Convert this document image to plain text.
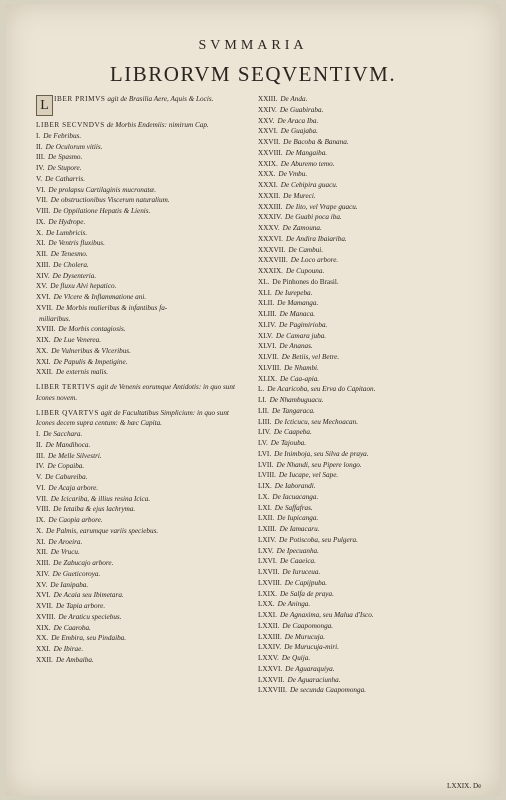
SVMMARIA
LIBRORVM SEQVENTIVM.
L IBER PRIMVS agit de Brasilia Aere, Aquis & Locis.
LIBER SECVNDVS de Morbis Endemiis: nimirum Cap.
I. De Febribus.
II. De Oculorum vitiis.
III. De Spasmo.
IV. De Stupore.
V. De Catharris.
VI. De prolapsu Cartilaginis mucronatæ.
VII. De obstructionibus Viscerum naturalium.
VIII. De Oppilatione Hepatis & Lienis.
IX. De Hydrope.
X. De Lumbricis.
XI. De Ventris fluxibus.
XII. De Tenesmo.
XIII. De Cholera.
XIV. De Dysenteria.
XV. De fluxu Alvi hepatico.
XVI. De Vlcere & Inflammatione ani.
XVII. De Morbis mulieribus & infantibus fa-
miliaribus.
XVIII. De Morbis contagiosis.
XIX. De Lue Venerea.
XX. De Vulneribus & Vlceribus.
XXI. De Papulis & Impetigine.
XXII. De externis malis.
LIBER TERTIVS agit de Venenis eorumque Antidotis: in quo sunt Icones novem.
LIBER QVARTVS agit de Facultatibus Simplicium: in quo sunt Icones decem supra centum: & hæc Capita.
I. De Sacchara.
II. De Mandihoca.
III. De Melle Silvestri.
IV. De Copaiba.
V. De Cabureiba.
VI. De Acaja arbore.
VII. De Icicariba, & illius resina Icica.
VIII. De Ietaiba & ejus lachryma.
IX. De Caopia arbore.
X. De Palmis, earumque variis speciebus.
XI. De Aroeira.
XII. De Vrucu.
XIII. De Zabucajo arbore.
XIV. De Gueticoroya.
XV. De Ianipaba.
XVI. De Acaia seu Ibimetara.
XVII. De Tapia arbore.
XVIII. De Araticu speciebus.
XIX. De Caaroba.
XX. De Embira, seu Pindaiba.
XXI. De Ibirae.
XXII. De Ambaiba.
XXIII. De Anda.
XXIV. De Guabiraba.
XXV. De Araca Iba.
XXVI. De Guajaba.
XXVII. De Bacoba & Banana.
XXVIII. De Mangaiba.
XXIX. De Aburemo temo.
XXX. De Vmbu.
XXXI. De Cebipira guacu.
XXXII. De Mureci.
XXXIII. De Iito, vel Vrape guacu.
XXXIV. De Guabi poca iba.
XXXV. De Zamouna.
XXXVI. De Andira Ibaiariba.
XXXVII. De Cambui.
XXXVIII. De Loco arbore.
XXXIX. De Cupouna.
XL. De Pinhones do Brasil.
XLI. De Iurepeba.
XLII. De Mamanga.
XLIII. De Manaca.
XLIV. De Pagimirioba.
XLV. De Camara juba.
XLVI. De Ananas.
XLVII. De Betiis, vel Betre.
XLVIII. De Nhambi.
XLIX. De Caa-apia.
L. De Acaricoba, seu Erva do Capitaon.
LI. De Nhambuguacu.
LII. De Tangaraca.
LIII. De Icticucu, seu Mechoacan.
LIV. De Caapeba.
LV. De Tajouba.
LVI. De Inimboja, seu Silva de praya.
LVII. De Nhandi, seu Pipere longo.
LVIII. De Iucape, vel Sape.
LIX. De Iaborandi.
LX. De Iacuacanga.
LXI. De Saffafras.
LXII. De Iupicanga.
LXIII. De Iamacaru.
LXIV. De Potiscoba, seu Pulgera.
LXV. De Ipecuanha.
LXVI. De Caaeica.
LXVII. De Iuruceua.
LXVIII. De Capijpuba.
LXIX. De Salfa de praya.
LXX. De Aninga.
LXXI. De Agnaxima, seu Malua d'Isco.
LXXII. De Caapomonga.
LXXIII. De Murucuja.
LXXIV. De Murucuja-miri.
LXXV. De Quija.
LXXVI. De Aguaraquiya.
LXXVII. De Aguaraciunha.
LXXVIII. De secunda Caapomonga.
LXXIX. De
